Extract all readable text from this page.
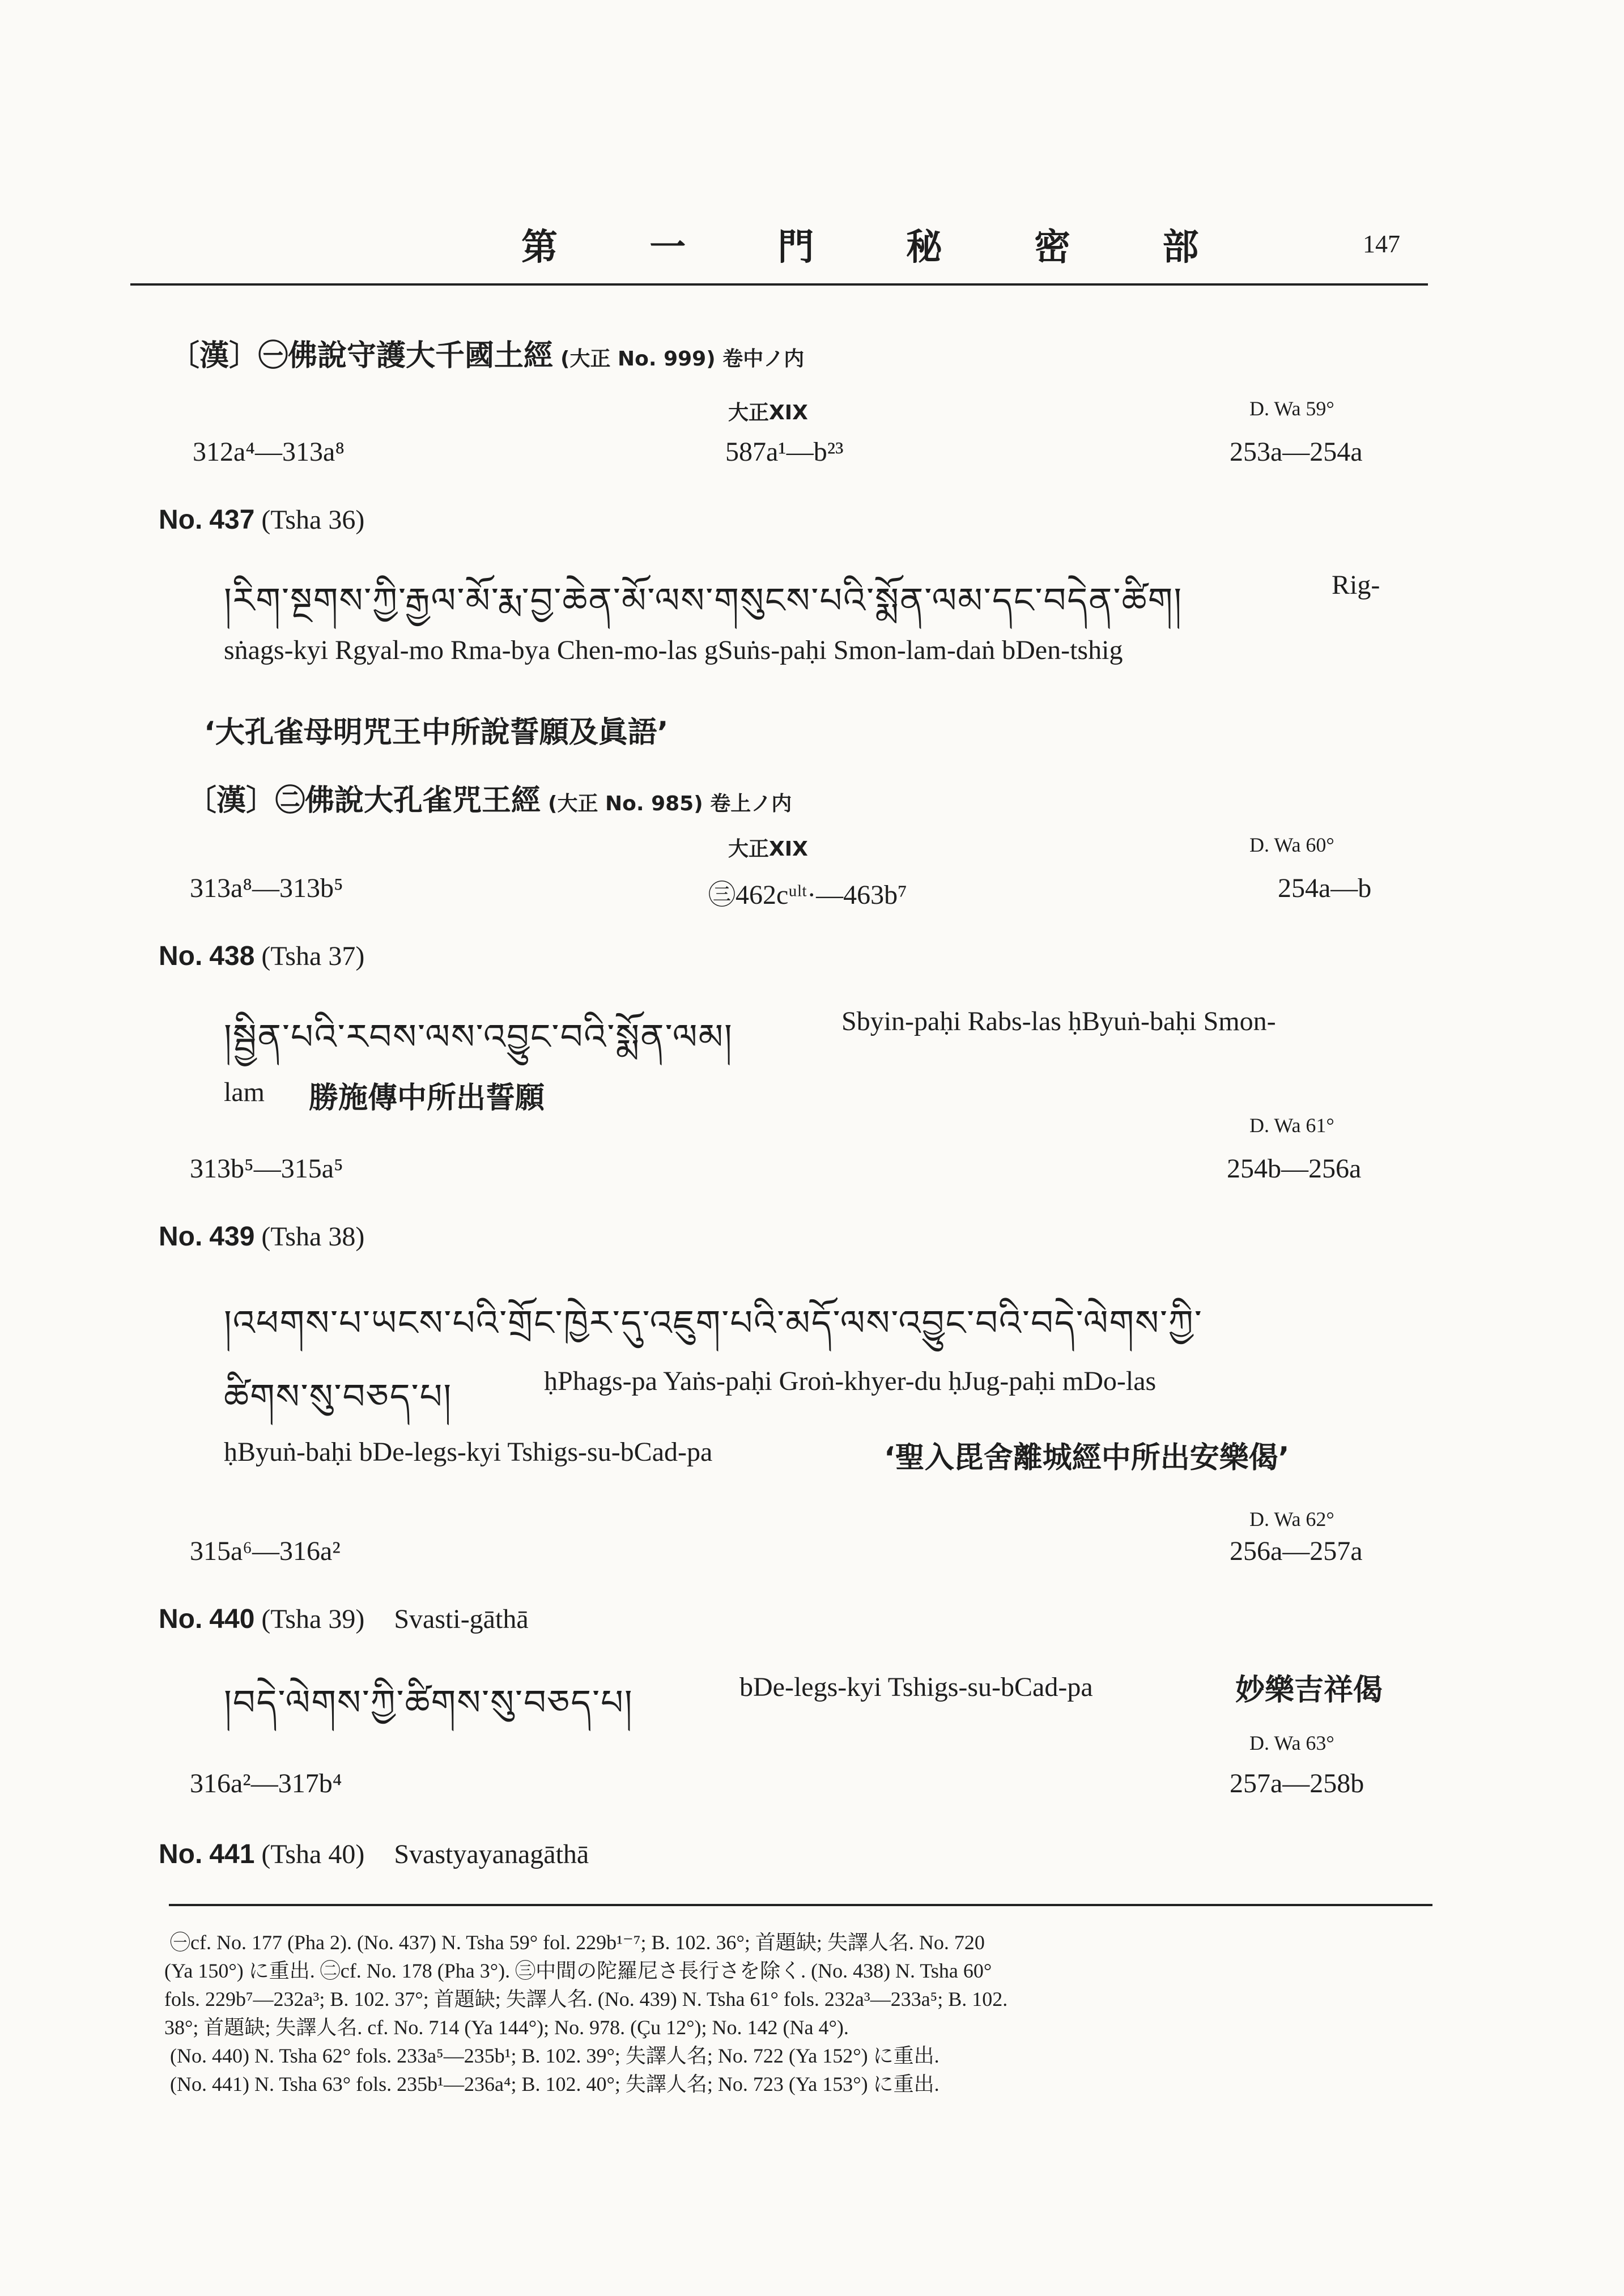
第 一 門 秘 密 部	147
〔漢〕㊀佛說守護大千國土經 (大正 No. 999) 卷中ノ内
大正XIX	D. Wa 59°
312a⁴—313a⁸	587a¹—b²³	253a—254a
No. 437 (Tsha 36)
།རིག་སྔགས་ཀྱི་རྒྱལ་མོ་རྨ་བྱ་ཆེན་མོ་ལས་གསུངས་པའི་སྨོན་ལམ་དང་བདེན་ཚིག།	Rig-
sṅags-kyi Rgyal-mo Rma-bya Chen-mo-las gSuṅs-paḥi Smon-lam-daṅ bDen-tshig
‘大孔雀母明咒王中所說誓願及眞語’
〔漢〕㊁佛說大孔雀咒王經 (大正 No. 985) 卷上ノ内
大正XIX	D. Wa 60°
313a⁸—313b⁵	㊂462cᵘˡᵗ·—463b⁷	254a—b
No. 438 (Tsha 37)
།སྦྱིན་པའི་རབས་ལས་འབྱུང་བའི་སྨོན་ལམ།	Sbyin-paḥi Rabs-las ḥByuṅ-baḥi Smon-
lam 勝施傳中所出誓願
D. Wa 61°
313b⁵—315a⁵	254b—256a
No. 439 (Tsha 38)
།འཕགས་པ་ཡངས་པའི་གྲོང་ཁྱེར་དུ་འཇུག་པའི་མདོ་ལས་འབྱུང་བའི་བདེ་ལེགས་ཀྱི་
ཚིགས་སུ་བཅད་པ།	ḥPhags-pa Yaṅs-paḥi Groṅ-khyer-du ḥJug-paḥi mDo-las
ḥByuṅ-baḥi bDe-legs-kyi Tshigs-su-bCad-pa	‘聖入毘舍離城經中所出安樂偈’
D. Wa 62°
315a⁶—316a²	256a—257a
No. 440 (Tsha 39) Svasti-gāthā
།བདེ་ལེགས་ཀྱི་ཚིགས་སུ་བཅད་པ།	bDe-legs-kyi Tshigs-su-bCad-pa	妙樂吉祥偈
D. Wa 63°
316a²—317b⁴	257a—258b
No. 441 (Tsha 40) Svastyayanagāthā
㊀cf. No. 177 (Pha 2). (No. 437) N. Tsha 59° fol. 229b¹⁻⁷; B. 102. 36°; 首題缺; 失譯人名. No. 720
(Ya 150°) に重出. ㊁cf. No. 178 (Pha 3°). ㊂中間の陀羅尼さ長行さを除く. (No. 438) N. Tsha 60°
fols. 229b⁷—232a³; B. 102. 37°; 首題缺; 失譯人名. (No. 439) N. Tsha 61° fols. 232a³—233a⁵; B. 102.
38°; 首題缺; 失譯人名. cf. No. 714 (Ya 144°); No. 978. (Çu 12°); No. 142 (Na 4°).
(No. 440) N. Tsha 62° fols. 233a⁵—235b¹; B. 102. 39°; 失譯人名; No. 722 (Ya 152°) に重出.
(No. 441) N. Tsha 63° fols. 235b¹—236a⁴; B. 102. 40°; 失譯人名; No. 723 (Ya 153°) に重出.
